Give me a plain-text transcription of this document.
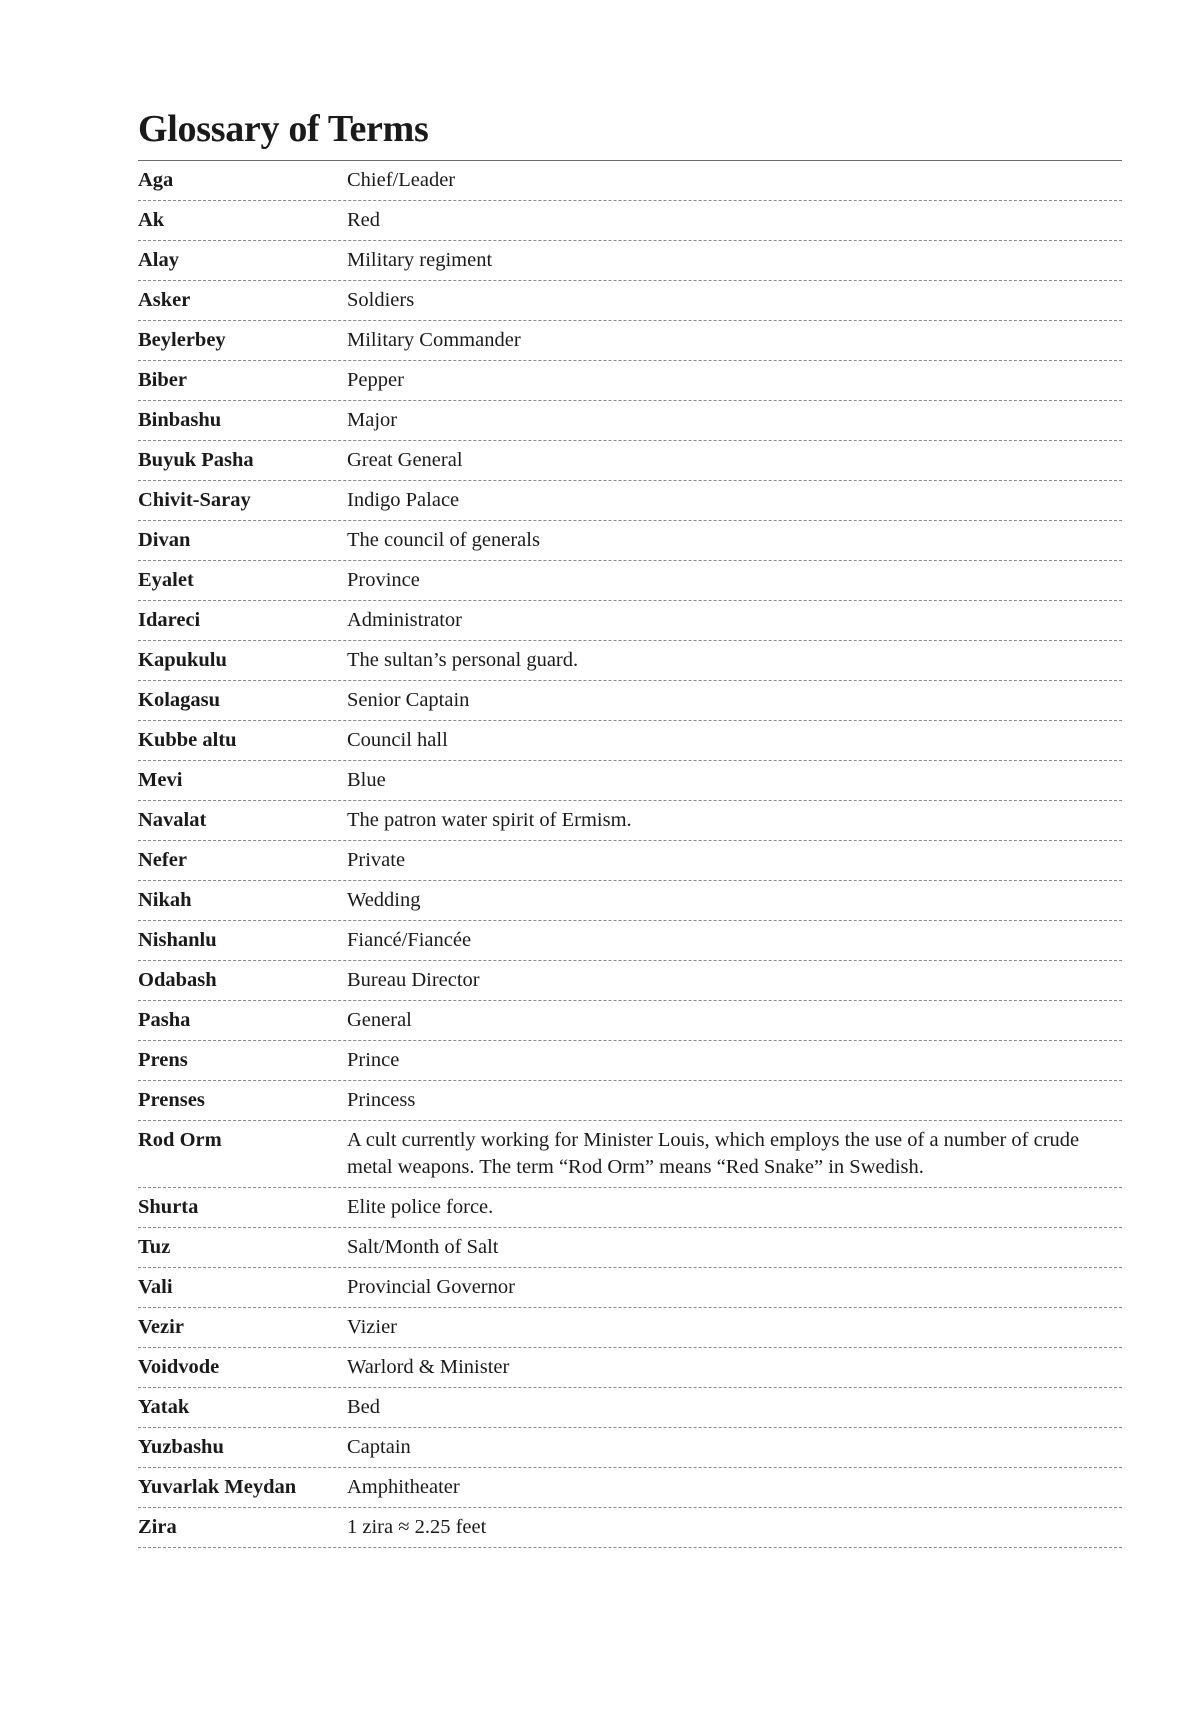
Glossary of Terms
Aga	Chief/Leader
Ak	Red
Alay	Military regiment
Asker	Soldiers
Beylerbey	Military Commander
Biber	Pepper
Binbashu	Major
Buyuk Pasha	Great General
Chivit-Saray	Indigo Palace
Divan	The council of generals
Eyalet	Province
Idareci	Administrator
Kapukulu	The sultan’s personal guard.
Kolagasu	Senior Captain
Kubbe altu	Council hall
Mevi	Blue
Navalat	The patron water spirit of Ermism.
Nefer	Private
Nikah	Wedding
Nishanlu	Fiancé/Fiancée
Odabash	Bureau Director
Pasha	General
Prens	Prince
Prenses	Princess
Rod Orm	A cult currently working for Minister Louis, which employs the use of a number of crude metal weapons. The term “Rod Orm” means “Red Snake” in Swedish.
Shurta	Elite police force.
Tuz	Salt/Month of Salt
Vali	Provincial Governor
Vezir	Vizier
Voidvode	Warlord & Minister
Yatak	Bed
Yuzbashu	Captain
Yuvarlak Meydan	Amphitheater
Zira	1 zira ≈ 2.25 feet
